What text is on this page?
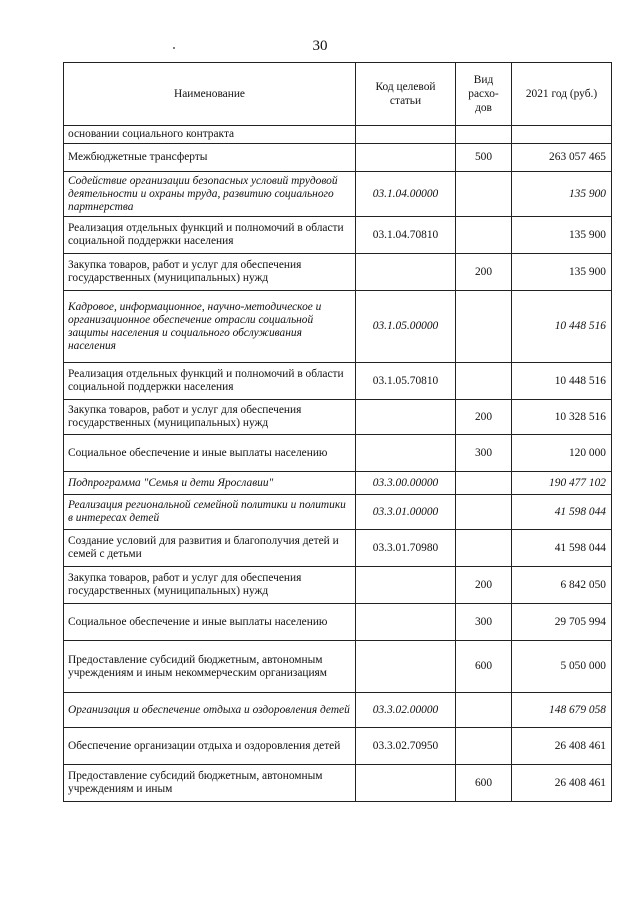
30
Наименование	Код целевой статьи	Вид расхо-дов	2021 год (руб.)
основании социального контракта			
Межбюджетные трансферты		500	263 057 465
Содействие организации безопасных условий трудовой деятельности и охраны труда, развитию социального партнерства	03.1.04.00000		135 900
Реализация отдельных функций и полномочий в области социальной поддержки населения	03.1.04.70810		135 900
Закупка товаров, работ и услуг для обеспечения государственных (муниципальных) нужд		200	135 900
Кадровое, информационное, научно-методическое и организационное обеспечение отрасли социальной защиты населения и социального обслуживания населения	03.1.05.00000		10 448 516
Реализация отдельных функций и полномочий в области социальной поддержки населения	03.1.05.70810		10 448 516
Закупка товаров, работ и услуг для обеспечения государственных (муниципальных) нужд		200	10 328 516
Социальное обеспечение и иные выплаты населению		300	120 000
Подпрограмма "Семья и дети Ярославии"	03.3.00.00000		190 477 102
Реализация региональной семейной политики и политики в интересах детей	03.3.01.00000		41 598 044
Создание условий для развития и благополучия детей и семей с детьми	03.3.01.70980		41 598 044
Закупка товаров, работ и услуг для обеспечения государственных (муниципальных) нужд		200	6 842 050
Социальное обеспечение и иные выплаты населению		300	29 705 994
Предоставление субсидий бюджетным, автономным учреждениям и иным некоммерческим организациям		600	5 050 000
Организация и обеспечение отдыха и оздоровления детей	03.3.02.00000		148 679 058
Обеспечение организации отдыха и оздоровления детей	03.3.02.70950		26 408 461
Предоставление субсидий бюджетным, автономным учреждениям и иным		600	26 408 461
